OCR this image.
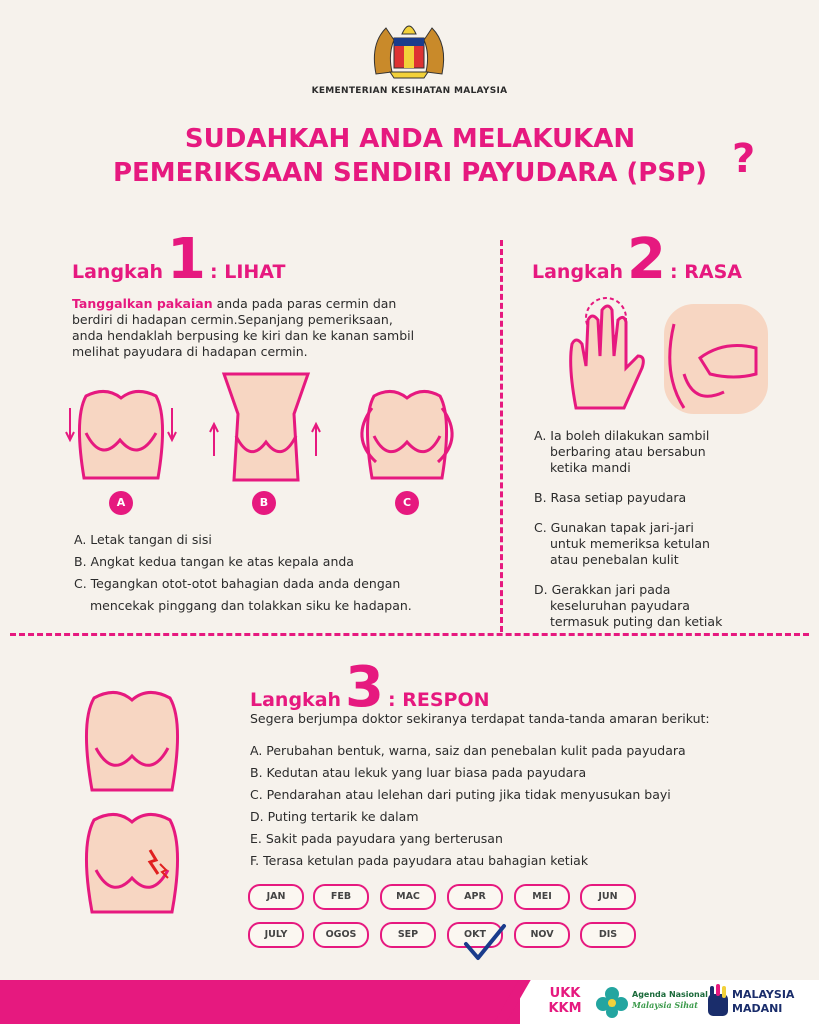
KEMENTERIAN KESIHATAN MALAYSIA
SUDAHKAH ANDA MELAKUKAN
PEMERIKSAAN SENDIRI PAYUDARA (PSP) ?
Langkah 1 : LIHAT
Tanggalkan pakaian anda pada paras cermin dan
berdiri di hadapan cermin.Sepanjang pemeriksaan,
anda hendaklah berpusing ke kiri dan ke kanan sambil
melihat payudara di hadapan cermin.
A	B	C
A. Letak tangan di sisi
B. Angkat kedua tangan ke atas kepala anda
C. Tegangkan otot-otot bahagian dada anda dengan
mencekak pinggang dan tolakkan siku ke hadapan.
Langkah 2 : RASA
A. Ia boleh dilakukan sambil
berbaring atau bersabun
ketika mandi
B. Rasa setiap payudara
C. Gunakan tapak jari-jari
untuk memeriksa ketulan
atau penebalan kulit
D. Gerakkan jari pada
keseluruhan payudara
termasuk puting dan ketiak
Langkah 3 : RESPON
Segera berjumpa doktor sekiranya terdapat tanda-tanda amaran berikut:
A. Perubahan bentuk, warna, saiz dan penebalan kulit pada payudara
B. Kedutan atau lekuk yang luar biasa pada payudara
C. Pendarahan atau lelehan dari puting jika tidak menyusukan bayi
D. Puting tertarik ke dalam
E. Sakit pada payudara yang berterusan
F. Terasa ketulan pada payudara atau bahagian ketiak
JAN	FEB	MAC	APR	MEI	JUN
JULY	OGOS	SEP	OKT	NOV	DIS
UKK
KKM
Agenda Nasional
Malaysia Sihat
MALAYSIA
MADANI
